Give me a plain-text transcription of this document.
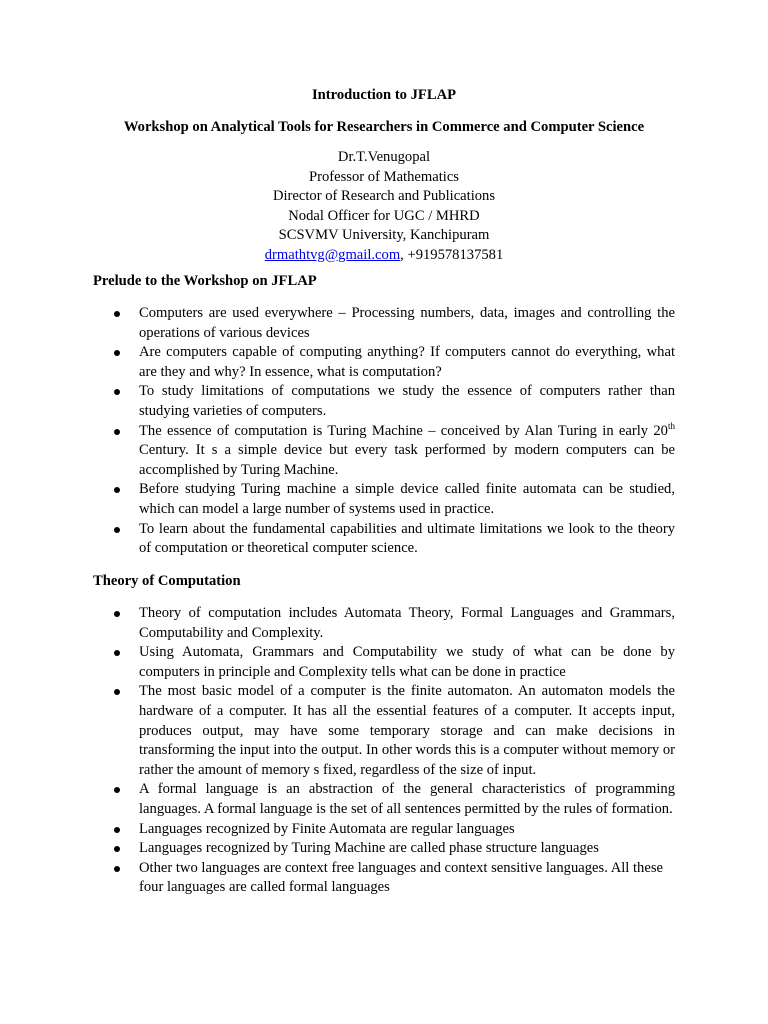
Introduction to JFLAP
Workshop on Analytical Tools for Researchers in Commerce and Computer Science
Dr.T.Venugopal
Professor of Mathematics
Director of Research and Publications
Nodal Officer for UGC / MHRD
SCSVMV University, Kanchipuram
drmathtvg@gmail.com, +919578137581
Prelude to the Workshop on JFLAP
Computers are used everywhere – Processing numbers, data, images and controlling the operations of various devices
Are computers capable of computing anything? If computers cannot do everything, what are they and why? In essence, what is computation?
To study limitations of computations we study the essence of computers rather than studying varieties of computers.
The essence of computation is Turing Machine – conceived by Alan Turing in early 20th Century. It s a simple device but every task performed by modern computers can be accomplished by Turing Machine.
Before studying Turing machine a simple device called finite automata can be studied, which can model a large number of systems used in practice.
To learn about the fundamental capabilities and ultimate limitations we look to the theory of computation or theoretical computer science.
Theory of Computation
Theory of computation includes Automata Theory, Formal Languages and Grammars, Computability and Complexity.
Using Automata, Grammars and Computability we study of what can be done by computers in principle and Complexity tells what can be done in practice
The most basic model of a computer is the finite automaton. An automaton models the hardware of a computer. It has all the essential features of a computer. It accepts input, produces output, may have some temporary storage and can make decisions in transforming the input into the output. In other words this is a computer without memory or rather the amount of memory s fixed, regardless of the size of input.
A formal language is an abstraction of the general characteristics of programming languages. A formal language is the set of all sentences permitted by the rules of formation.
Languages recognized by Finite Automata are regular languages
Languages recognized by Turing Machine are called phase structure languages
Other two languages are context free languages and context sensitive languages. All these four languages are called formal languages
